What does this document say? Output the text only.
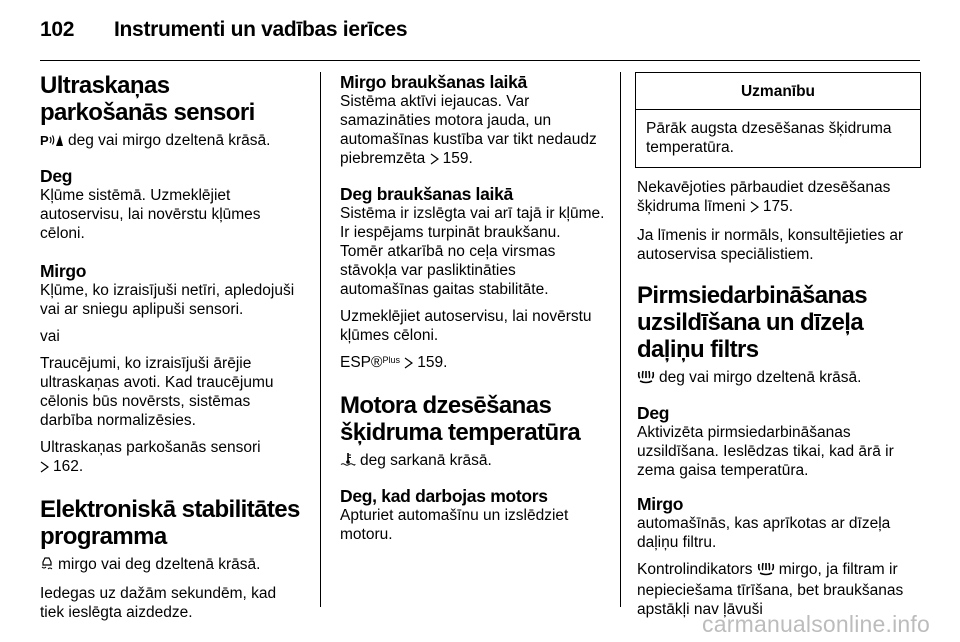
102 Instrumenti un vadības ierīces
Ultraskaņas parkošanās sensori

P deg vai mirgo dzeltenā krāsā.

Deg

Kļūme sistēmā. Uzmeklējiet autoservisu, lai novērstu kļūmes cēloni.

Mirgo

Kļūme, ko izraisījuši netīri, apledojuši vai ar sniegu aplipuši sensori.

vai

Traucējumi, ko izraisījuši ārējie ultraskaņas avoti. Kad traucējumu cēlonis būs novērsts, sistēmas darbība normalizēsies.

Ultraskaņas parkošanās sensori
162.

Elektroniskā stabilitātes programma

mirgo vai deg dzeltenā krāsā.

Iedegas uz dažām sekundēm, kad tiek ieslēgta aizdedze.

Mirgo braukšanas laikā

Sistēma aktīvi iejaucas. Var samazināties motora jauda, un automašīnas kustība var tikt nedaudz piebremzēta 159.

Deg braukšanas laikā

Sistēma ir izslēgta vai arī tajā ir kļūme. Ir iespējams turpināt braukšanu. Tomēr atkarībā no ceļa virsmas stāvokļa var pasliktināties automašīnas gaitas stabilitāte.

Uzmeklējiet autoservisu, lai novērstu kļūmes cēloni.

ESP®$^{Plus}$ 159.

Motora dzesēšanas šķidruma temperatūra

deg sarkanā krāsā.

Deg, kad darbojas motors

Apturiet automašīnu un izslēdziet motoru.

Uzmanību
Pārāk augsta dzesēšanas šķidruma temperatūra.

Nekavējoties pārbaudiet dzesēšanas šķidruma līmeni 175.

Ja līmenis ir normāls, konsultējieties ar autoservisa speciālistiem.

Pirmsiedarbināšanas uzsildīšana un dīzeļa daļiņu filtrs

deg vai mirgo dzeltenā krāsā.

Deg

Aktivizēta pirmsiedarbināšanas uzsildīšana. Ieslēdzas tikai, kad ārā ir zema gaisa temperatūra.

Mirgo

automašīnās, kas aprīkotas ar dīzeļa daļiņu filtru.

Kontrolindikators mirgo, ja filtram ir nepieciešama tīrīšana, bet braukšanas apstākļi nav ļāvuši

carmanualsonline.info
